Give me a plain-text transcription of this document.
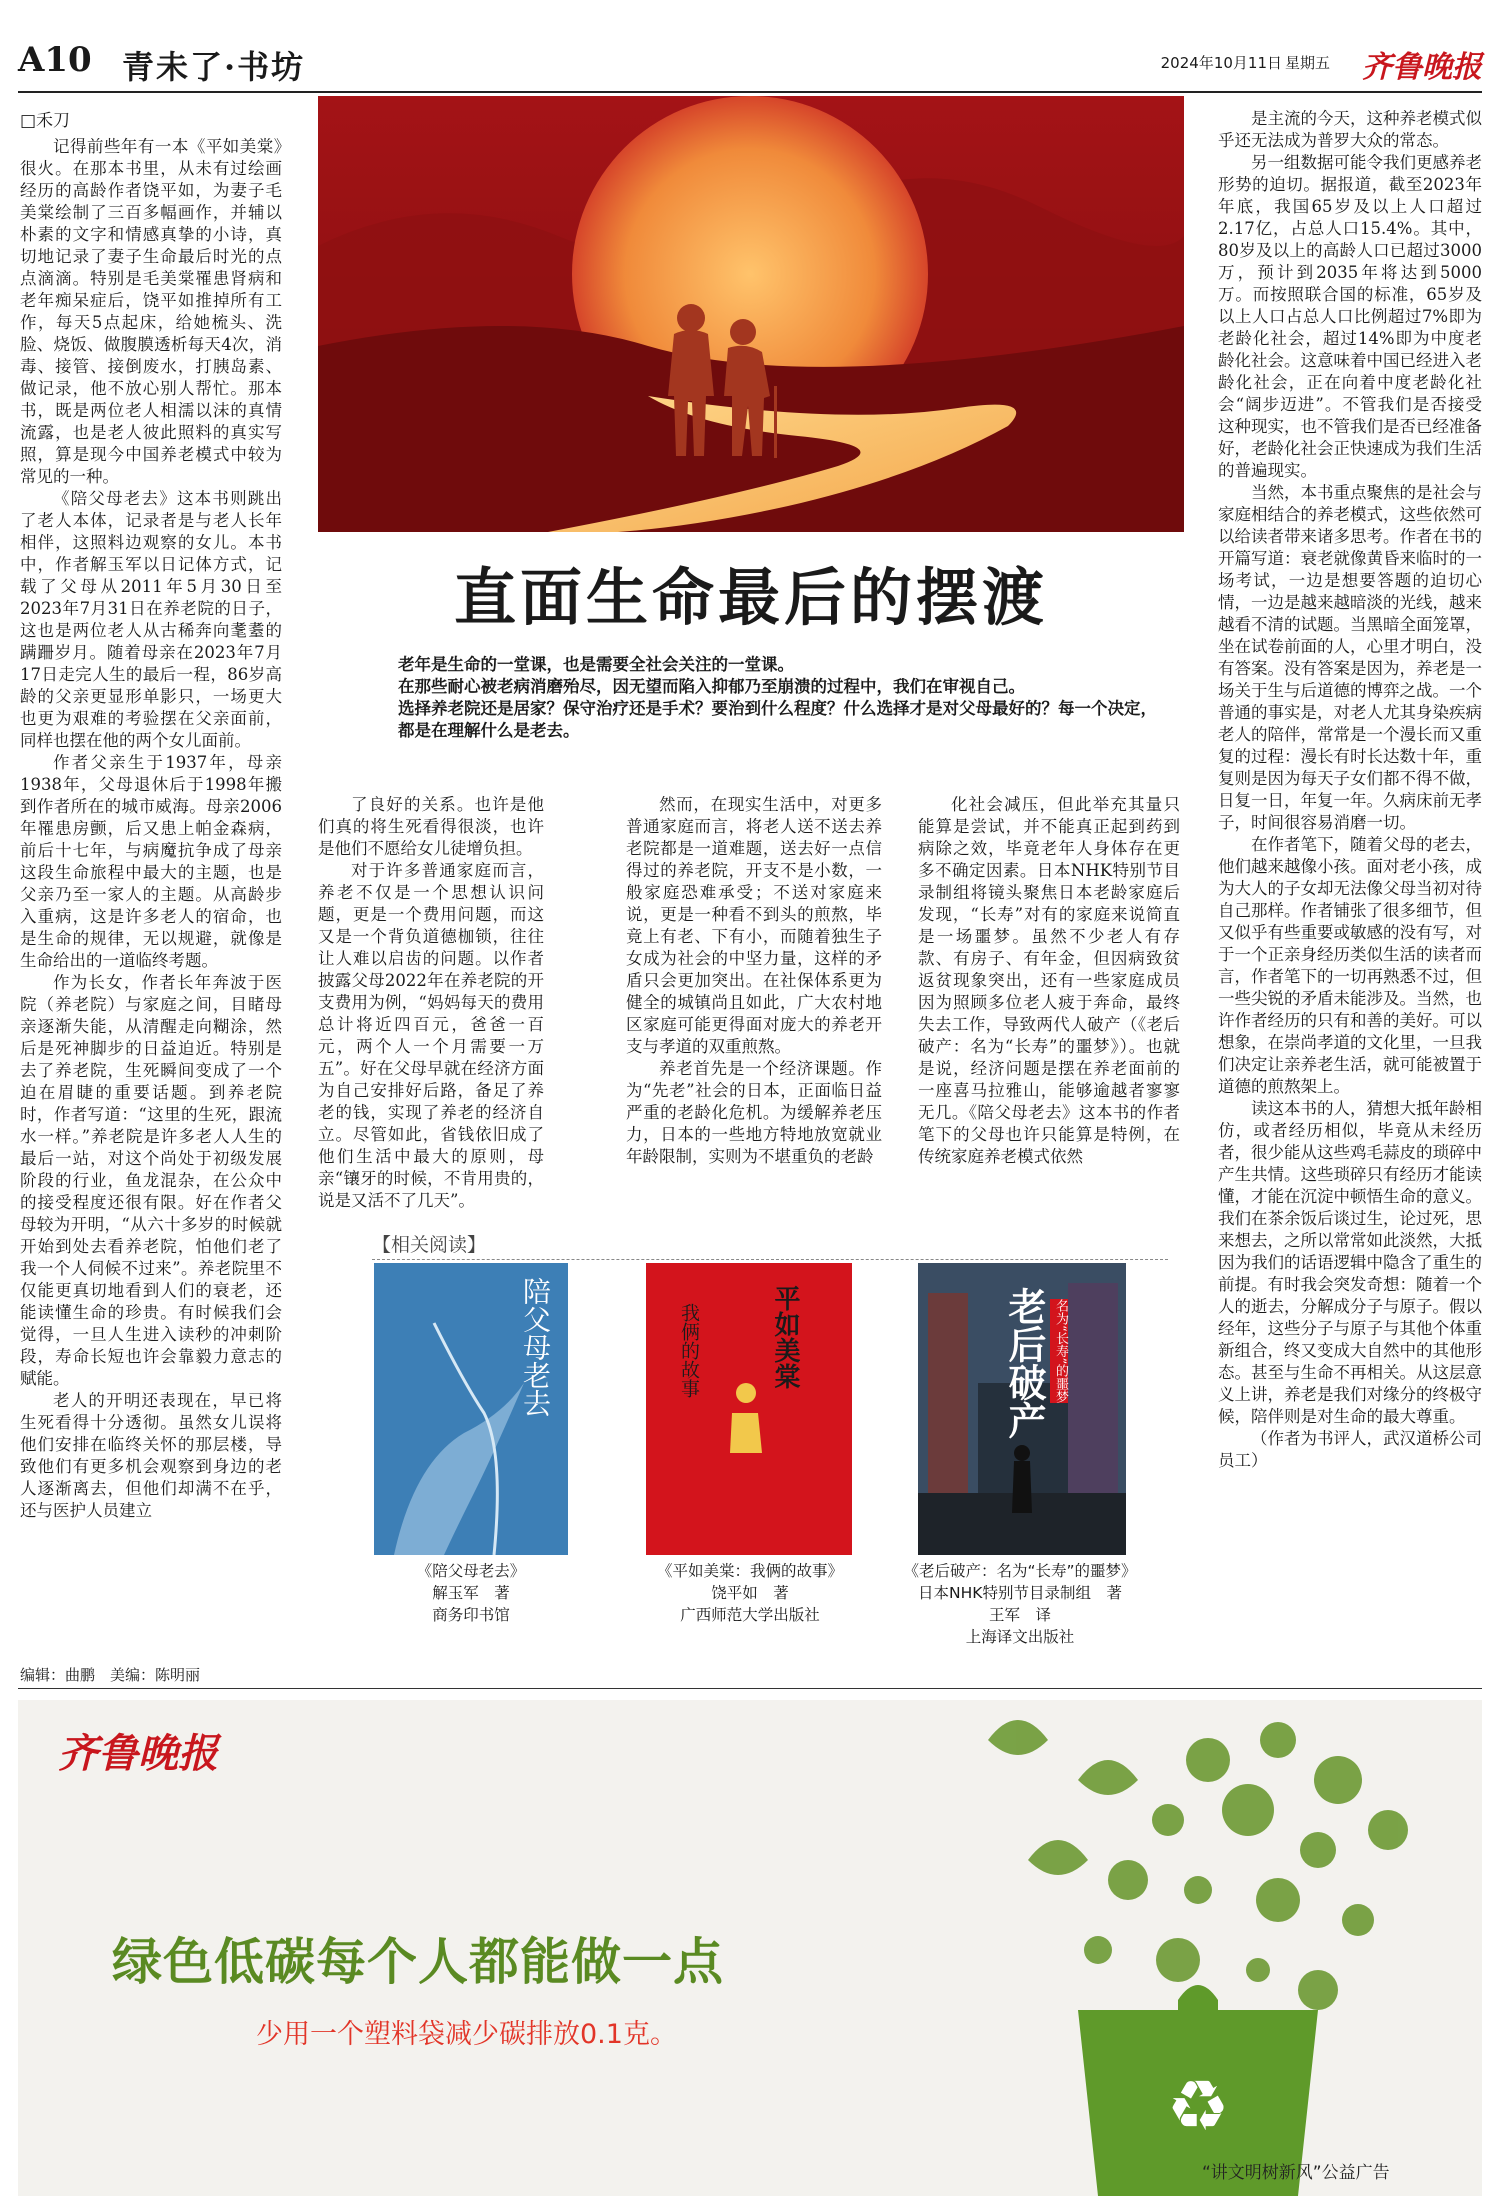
A10 青未了·书坊	2024年10月11日 星期五 齐鲁晚报
□禾刀

记得前些年有一本《平如美棠》很火。在那本书里，从未有过绘画经历的高龄作者饶平如，为妻子毛美棠绘制了三百多幅画作，并辅以朴素的文字和情感真挚的小诗，真切地记录了妻子生命最后时光的点点滴滴。特别是毛美棠罹患肾病和老年痴呆症后，饶平如推掉所有工作，每天5点起床，给她梳头、洗脸、烧饭、做腹膜透析每天4次，消毒、接管、接倒废水，打胰岛素、做记录，他不放心别人帮忙。那本书，既是两位老人相濡以沫的真情流露，也是老人彼此照料的真实写照，算是现今中国养老模式中较为常见的一种。

《陪父母老去》这本书则跳出了老人本体，记录者是与老人长年相伴，这照料边观察的女儿。本书中，作者解玉军以日记体方式，记载了父母从2011年5月30日至2023年7月31日在养老院的日子，这也是两位老人从古稀奔向耄耋的蹒跚岁月。随着母亲在2023年7月17日走完人生的最后一程，86岁高龄的父亲更显形单影只，一场更大也更为艰难的考验摆在父亲面前，同样也摆在他的两个女儿面前。

作者父亲生于1937年，母亲1938年，父母退休后于1998年搬到作者所在的城市威海。母亲2006年罹患房颤，后又患上帕金森病，前后十七年，与病魔抗争成了母亲这段生命旅程中最大的主题，也是父亲乃至一家人的主题。从高龄步入重病，这是许多老人的宿命，也是生命的规律，无以规避，就像是生命给出的一道临终考题。

作为长女，作者长年奔波于医院（养老院）与家庭之间，目睹母亲逐渐失能，从清醒走向糊涂，然后是死神脚步的日益迫近。特别是去了养老院，生死瞬间变成了一个迫在眉睫的重要话题。到养老院时，作者写道：“这里的生死，跟流水一样。”养老院是许多老人人生的最后一站，对这个尚处于初级发展阶段的行业，鱼龙混杂，在公众中的接受程度还很有限。好在作者父母较为开明，“从六十多岁的时候就开始到处去看养老院，怕他们老了我一个人伺候不过来”。养老院里不仅能更真切地看到人们的衰老，还能读懂生命的珍贵。有时候我们会觉得，一旦人生进入读秒的冲刺阶段，寿命长短也许会靠毅力意志的赋能。

老人的开明还表现在，早已将生死看得十分透彻。虽然女儿误将他们安排在临终关怀的那层楼，导致他们有更多机会观察到身边的老人逐渐离去，但他们却满不在乎，还与医护人员建立

直面生命最后的摆渡

老年是生命的一堂课，也是需要全社会关注的一堂课。

在那些耐心被老病消磨殆尽，因无望而陷入抑郁乃至崩溃的过程中，我们在审视自己。

选择养老院还是居家？保守治疗还是手术？要治到什么程度？什么选择才是对父母最好的？每一个决定，都是在理解什么是老去。

了良好的关系。也许是他们真的将生死看得很淡，也许是他们不愿给女儿徒增负担。

对于许多普通家庭而言，养老不仅是一个思想认识问题，更是一个费用问题，而这又是一个背负道德枷锁，往往让人难以启齿的问题。以作者披露父母2022年在养老院的开支费用为例，“妈妈每天的费用总计将近四百元，爸爸一百元，两个人一个月需要一万五”。好在父母早就在经济方面为自己安排好后路，备足了养老的钱，实现了养老的经济自立。尽管如此，省钱依旧成了他们生活中最大的原则，母亲“镶牙的时候，不肯用贵的，说是又活不了几天”。

然而，在现实生活中，对更多普通家庭而言，将老人送不送去养老院都是一道难题，送去好一点信得过的养老院，开支不是小数，一般家庭恐难承受；不送对家庭来说，更是一种看不到头的煎熬，毕竟上有老、下有小，而随着独生子女成为社会的中坚力量，这样的矛盾只会更加突出。在社保体系更为健全的城镇尚且如此，广大农村地区家庭可能更得面对庞大的养老开支与孝道的双重煎熬。

养老首先是一个经济课题。作为“先老”社会的日本，正面临日益严重的老龄化危机。为缓解养老压力，日本的一些地方特地放宽就业年龄限制，实则为不堪重负的老龄

化社会减压，但此举充其量只能算是尝试，并不能真正起到药到病除之效，毕竟老年人身体存在更多不确定因素。日本NHK特别节目录制组将镜头聚焦日本老龄家庭后发现，“长寿”对有的家庭来说简直是一场噩梦。虽然不少老人有存款、有房子、有年金，但因病致贫返贫现象突出，还有一些家庭成员因为照顾多位老人疲于奔命，最终失去工作，导致两代人破产（《老后破产：名为“长寿”的噩梦》）。也就是说，经济问题是摆在养老面前的一座喜马拉雅山，能够逾越者寥寥无几。《陪父母老去》这本书的作者笔下的父母也许只能算是特例，在传统家庭养老模式依然

是主流的今天，这种养老模式似乎还无法成为普罗大众的常态。

另一组数据可能令我们更感养老形势的迫切。据报道，截至2023年年底，我国65岁及以上人口超过2.17亿，占总人口15.4%。其中，80岁及以上的高龄人口已超过3000万，预计到2035年将达到5000万。而按照联合国的标准，65岁及以上人口占总人口比例超过7%即为老龄化社会，超过14%即为中度老龄化社会。这意味着中国已经进入老龄化社会，正在向着中度老龄化社会“阔步迈进”。不管我们是否接受这种现实，也不管我们是否已经准备好，老龄化社会正快速成为我们生活的普遍现实。

当然，本书重点聚焦的是社会与家庭相结合的养老模式，这些依然可以给读者带来诸多思考。作者在书的开篇写道：衰老就像黄昏来临时的一场考试，一边是想要答题的迫切心情，一边是越来越暗淡的光线，越来越看不清的试题。当黑暗全面笼罩，坐在试卷前面的人，心里才明白，没有答案。没有答案是因为，养老是一场关于生与后道德的博弈之战。一个普通的事实是，对老人尤其身染疾病老人的陪伴，常常是一个漫长而又重复的过程：漫长有时长达数十年，重复则是因为每天子女们都不得不做，日复一日，年复一年。久病床前无孝子，时间很容易消磨一切。

在作者笔下，随着父母的老去，他们越来越像小孩。面对老小孩，成为大人的子女却无法像父母当初对待自己那样。作者铺张了很多细节，但又似乎有些重要或敏感的没有写，对于一个正亲身经历类似生活的读者而言，作者笔下的一切再熟悉不过，但一些尖锐的矛盾未能涉及。当然，也许作者经历的只有和善的美好。可以想象，在崇尚孝道的文化里，一旦我们决定让亲养老生活，就可能被置于道德的煎熬架上。

读这本书的人，猜想大抵年龄相仿，或者经历相似，毕竟从未经历者，很少能从这些鸡毛蒜皮的琐碎中产生共情。这些琐碎只有经历才能读懂，才能在沉淀中顿悟生命的意义。我们在茶余饭后谈过生，论过死，思来想去，之所以常常如此淡然，大抵因为我们的话语逻辑中隐含了重生的前提。有时我会突发奇想：随着一个人的逝去，分解成分子与原子。假以经年，这些分子与原子与其他个体重新组合，终又变成大自然中的其他形态。甚至与生命不再相关。从这层意义上讲，养老是我们对缘分的终极守候，陪伴则是对生命的最大尊重。

（作者为书评人，武汉道桥公司员工）

【相关阅读】
陪父母老去	平如美棠
我俩的故事	老后破产 名为“长寿”的噩梦
《陪父母老去》
解玉军　著
商务印书馆
《平如美棠：我俩的故事》
饶平如　著
广西师范大学出版社
《老后破产：名为“长寿”的噩梦》
日本NHK特别节目录制组　著
王军　译
上海译文出版社
编辑：曲鹏　美编：陈明丽
齐鲁晚报
绿色低碳每个人都能做一点
少用一个塑料袋减少碳排放0.1克。
♻
“讲文明树新风”公益广告
